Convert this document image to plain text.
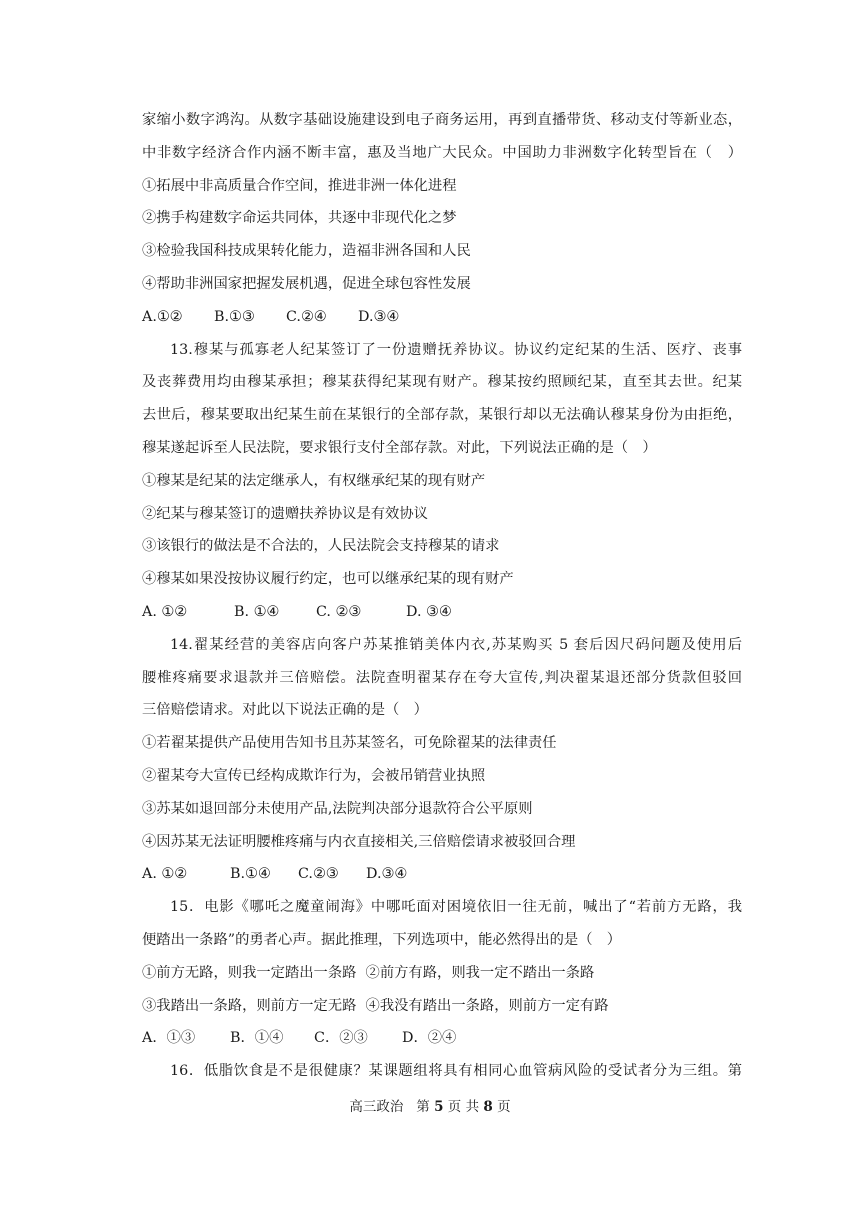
家缩小数字鸿沟。从数字基础设施建设到电子商务运用，再到直播带货、移动支付等新业态，
中非数字经济合作内涵不断丰富，惠及当地广大民众。中国助力非洲数字化转型旨在（　）
①拓展中非高质量合作空间，推进非洲一体化进程
②携手构建数字命运共同体，共逐中非现代化之梦
③检验我国科技成果转化能力，造福非洲各国和人民
④帮助非洲国家把握发展机遇，促进全球包容性发展
A.①② B.①③ C.②④ D.③④
13.穆某与孤寡老人纪某签订了一份遗赠抚养协议。协议约定纪某的生活、医疗、丧事
及丧葬费用均由穆某承担；穆某获得纪某现有财产。穆某按约照顾纪某，直至其去世。纪某
去世后，穆某要取出纪某生前在某银行的全部存款，某银行却以无法确认穆某身份为由拒绝，
穆某遂起诉至人民法院，要求银行支付全部存款。对此，下列说法正确的是（　）
①穆某是纪某的法定继承人，有权继承纪某的现有财产
②纪某与穆某签订的遗赠扶养协议是有效协议
③该银行的做法是不合法的，人民法院会支持穆某的请求
④穆某如果没按协议履行约定，也可以继承纪某的现有财产
A. ①②	B. ①④	C. ②③	D. ③④
14.翟某经营的美容店向客户苏某推销美体内衣,苏某购买 5 套后因尺码问题及使用后
腰椎疼痛要求退款并三倍赔偿。法院查明翟某存在夸大宣传,判决翟某退还部分货款但驳回
三倍赔偿请求。对此以下说法正确的是（　）
①若翟某提供产品使用告知书且苏某签名，可免除翟某的法律责任
②翟某夸大宣传已经构成欺诈行为，会被吊销营业执照
③苏某如退回部分未使用产品,法院判决部分退款符合公平原则
④因苏某无法证明腰椎疼痛与内衣直接相关,三倍赔偿请求被驳回合理
A. ①②	B.①④ C.②③ D.③④
15．电影《哪吒之魔童闹海》中哪吒面对困境依旧一往无前，喊出了“若前方无路，我
便踏出一条路”的勇者心声。据此推理，下列选项中，能必然得出的是（　）
①前方无路，则我一定踏出一条路 ②前方有路，则我一定不踏出一条路
③我踏出一条路，则前方一定无路 ④我没有踏出一条路，则前方一定有路
A．①③ B．①④ C．②③ D．②④
16．低脂饮食是不是很健康？某课题组将具有相同心血管病风险的受试者分为三组。第
高三政治 第 5 页 共 8 页
